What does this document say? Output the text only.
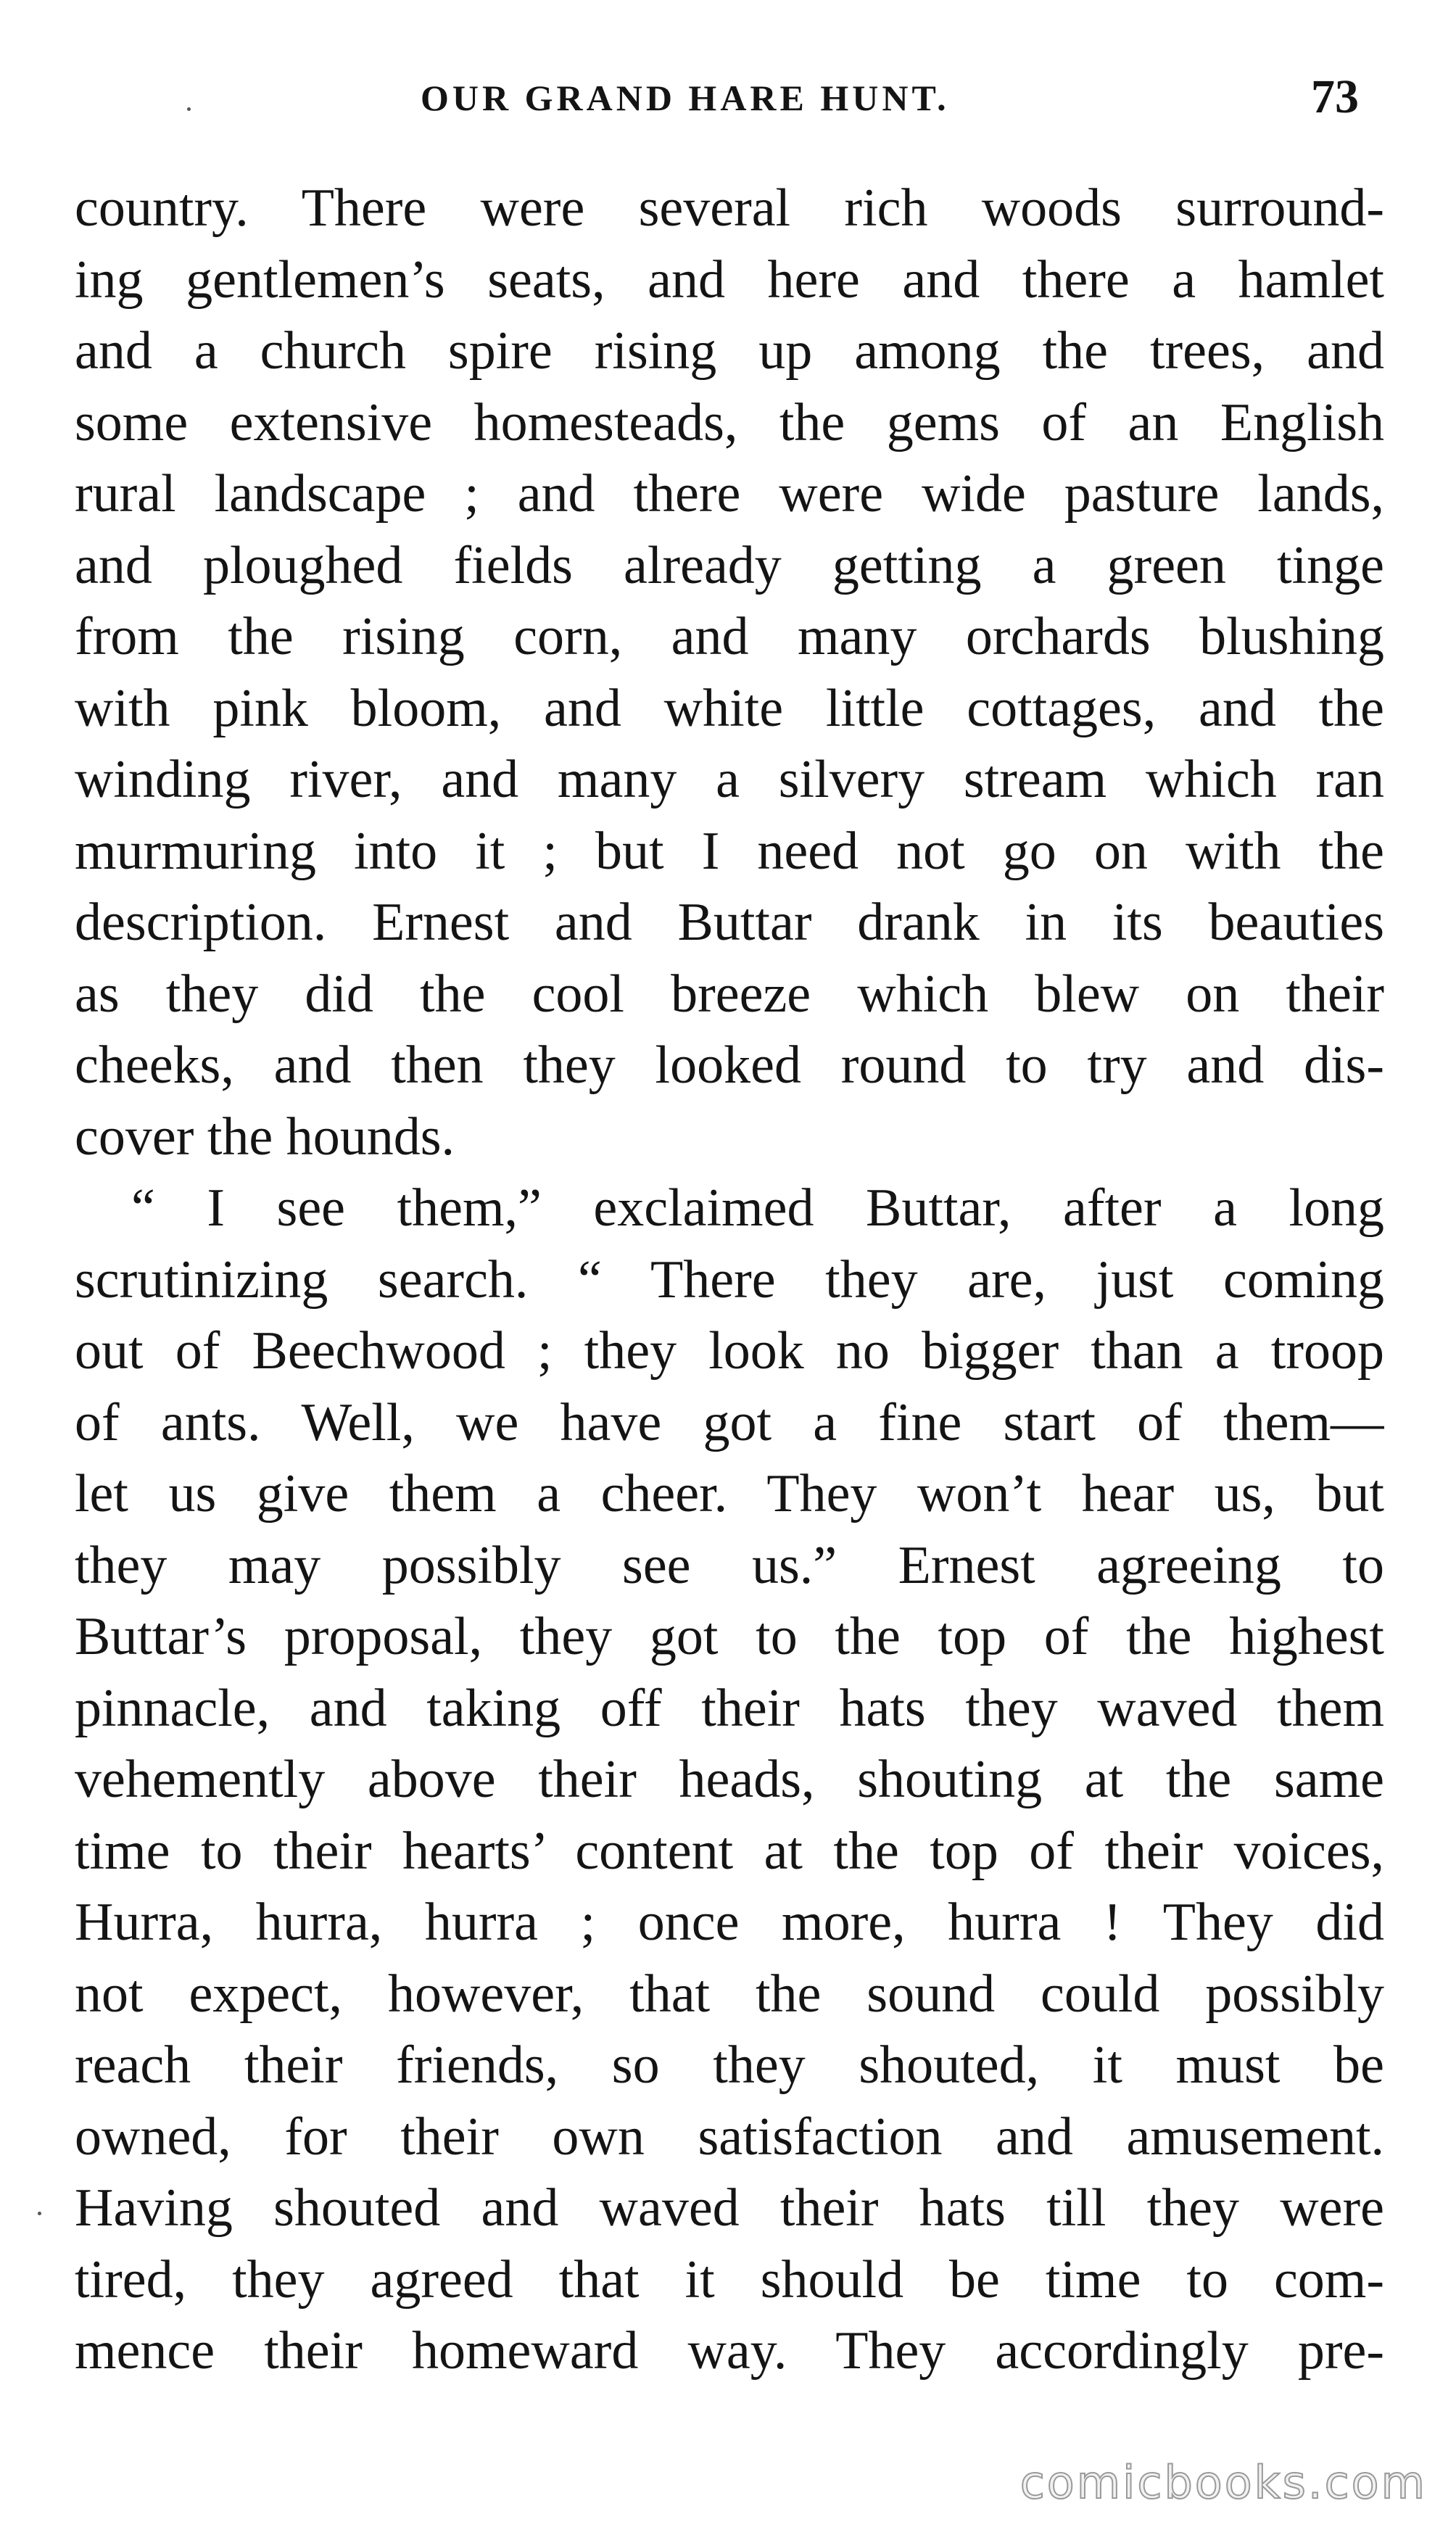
OUR GRAND HARE HUNT.	73
country. There were several rich woods surround-
ing gentlemen’s seats, and here and there a hamlet
and a church spire rising up among the trees, and
some extensive homesteads, the gems of an English
rural landscape ; and there were wide pasture lands,
and ploughed fields already getting a green tinge
from the rising corn, and many orchards blushing
with pink bloom, and white little cottages, and the
winding river, and many a silvery stream which ran
murmuring into it ; but I need not go on with the
description. Ernest and Buttar drank in its beauties
as they did the cool breeze which blew on their
cheeks, and then they looked round to try and dis-
cover the hounds.
“ I see them,” exclaimed Buttar, after a long
scrutinizing search. “ There they are, just coming
out of Beechwood ; they look no bigger than a troop
of ants. Well, we have got a fine start of them—
let us give them a cheer. They won’t hear us, but
they may possibly see us.” Ernest agreeing to
Buttar’s proposal, they got to the top of the highest
pinnacle, and taking off their hats they waved them
vehemently above their heads, shouting at the same
time to their hearts’ content at the top of their voices,
Hurra, hurra, hurra ; once more, hurra ! They did
not expect, however, that the sound could possibly
reach their friends, so they shouted, it must be
owned, for their own satisfaction and amusement.
Having shouted and waved their hats till they were
tired, they agreed that it should be time to com-
mence their homeward way. They accordingly pre-
comicbooks.com
